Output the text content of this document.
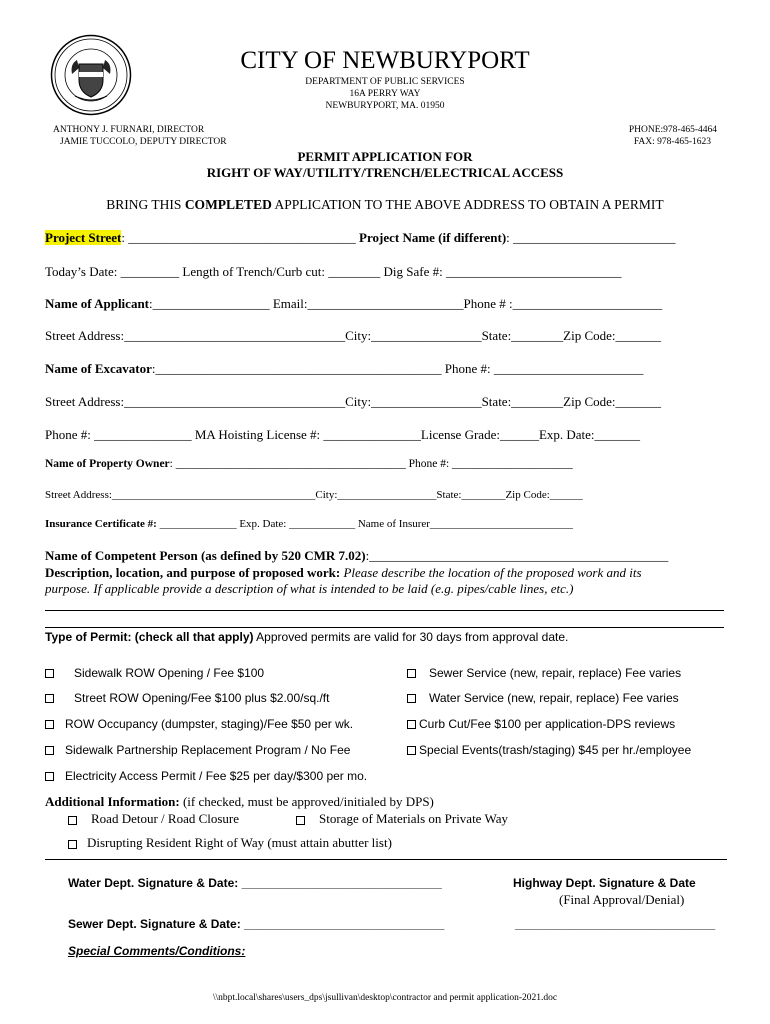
CITY OF NEWBURYPORT
DEPARTMENT OF PUBLIC SERVICES
16A PERRY WAY
NEWBURYPORT, MA. 01950
ANTHONY J. FURNARI, DIRECTOR
JAMIE TUCCOLO, DEPUTY DIRECTOR
PHONE:978-465-4464
FAX: 978-465-1623
PERMIT APPLICATION FOR
RIGHT OF WAY/UTILITY/TRENCH/ELECTRICAL ACCESS
BRING THIS COMPLETED APPLICATION TO THE ABOVE ADDRESS TO OBTAIN A PERMIT
Project Street: ___________________________________ Project Name (if different): _________________________
Today’s Date: _________ Length of Trench/Curb cut: ________ Dig Safe #: ___________________________
Name of Applicant:__________________ Email:________________________Phone # :_______________________
Street Address:__________________________________City:_________________State:________Zip Code:_______
Name of Excavator:____________________________________________ Phone #: _______________________
Street Address:__________________________________City:_________________State:________Zip Code:_______
Phone #: _______________ MA Hoisting License #: _______________License Grade:______Exp. Date:_______
Name of Property Owner: ________________________________________ Phone #: _____________________
Street Address:_____________________________________City:__________________State:________Zip Code:______
Insurance Certificate #: ______________ Exp. Date: ____________ Name of Insurer__________________________
Name of Competent Person (as defined by 520 CMR 7.02):______________________________________________
Description, location, and purpose of proposed work: Please describe the location of the proposed work and its
purpose. If applicable provide a description of what is intended to be laid (e.g. pipes/cable lines, etc.)
Type of Permit: (check all that apply) Approved permits are valid for 30 days from approval date.
Sidewalk ROW Opening / Fee $100
Street ROW Opening/Fee $100 plus $2.00/sq./ft
ROW Occupancy (dumpster, staging)/Fee $50 per wk.
Sidewalk Partnership Replacement Program / No Fee
Electricity Access Permit / Fee $25 per day/$300 per mo.
Sewer Service (new, repair, replace) Fee varies
Water Service (new, repair, replace) Fee varies
Curb Cut/Fee $100 per application-DPS reviews
Special Events(trash/staging) $45 per hr./employee
Additional Information: (if checked, must be approved/initialed by DPS)
Road Detour / Road Closure	Storage of Materials on Private Way
Disrupting Resident Right of Way (must attain abutter list)
Water Dept. Signature & Date: ______________________________	Highway Dept. Signature & Date
(Final Approval/Denial)
Sewer Dept. Signature & Date: ______________________________	______________________________
Special Comments/Conditions:
\\nbpt.local\shares\users_dps\jsullivan\desktop\contractor and permit application-2021.doc
